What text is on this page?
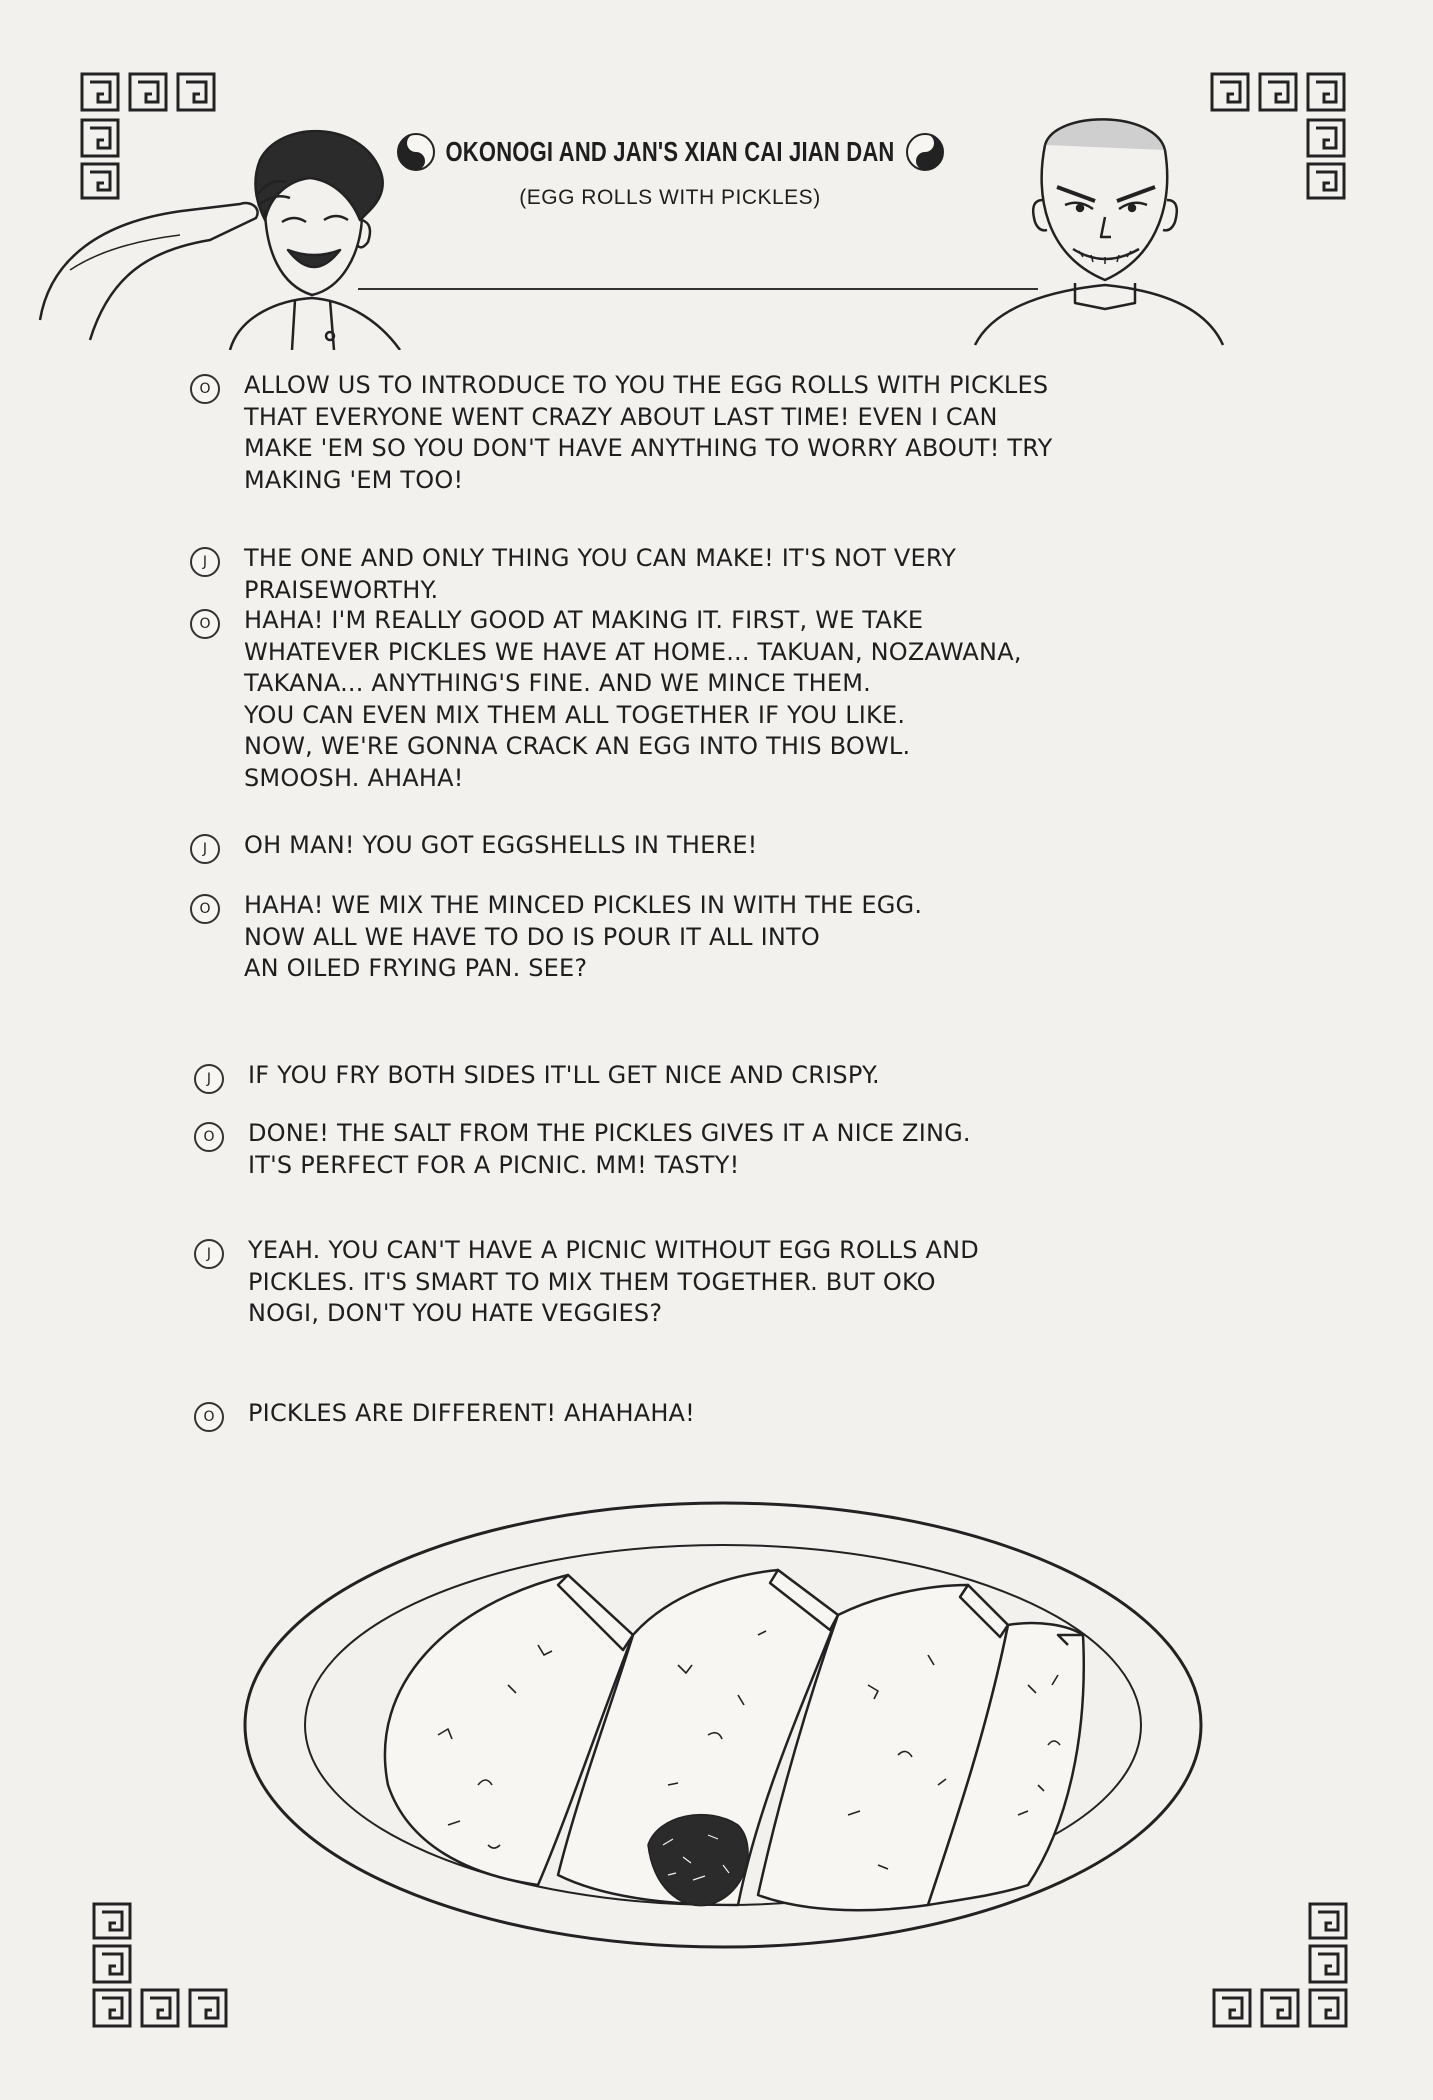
OKONOGI AND JAN'S XIAN CAI JIAN DAN
(EGG ROLLS WITH PICKLES)
O	ALLOW US TO INTRODUCE TO YOU THE EGG ROLLS WITH PICKLES
THAT EVERYONE WENT CRAZY ABOUT LAST TIME! EVEN I CAN
MAKE 'EM SO YOU DON'T HAVE ANYTHING TO WORRY ABOUT! TRY
MAKING 'EM TOO!
J	THE ONE AND ONLY THING YOU CAN MAKE! IT'S NOT VERY
PRAISEWORTHY.
O	HAHA! I'M REALLY GOOD AT MAKING IT. FIRST, WE TAKE
WHATEVER PICKLES WE HAVE AT HOME... TAKUAN, NOZAWANA,
TAKANA... ANYTHING'S FINE. AND WE MINCE THEM.
YOU CAN EVEN MIX THEM ALL TOGETHER IF YOU LIKE.
NOW, WE'RE GONNA CRACK AN EGG INTO THIS BOWL.
SMOOSH. AHAHA!
J	OH MAN! YOU GOT EGGSHELLS IN THERE!
O	HAHA! WE MIX THE MINCED PICKLES IN WITH THE EGG.
NOW ALL WE HAVE TO DO IS POUR IT ALL INTO
AN OILED FRYING PAN. SEE?
J	IF YOU FRY BOTH SIDES IT'LL GET NICE AND CRISPY.
O	DONE! THE SALT FROM THE PICKLES GIVES IT A NICE ZING.
IT'S PERFECT FOR A PICNIC. MM! TASTY!
J	YEAH. YOU CAN'T HAVE A PICNIC WITHOUT EGG ROLLS AND
PICKLES. IT'S SMART TO MIX THEM TOGETHER. BUT OKO
NOGI, DON'T YOU HATE VEGGIES?
O	PICKLES ARE DIFFERENT! AHAHAHA!
